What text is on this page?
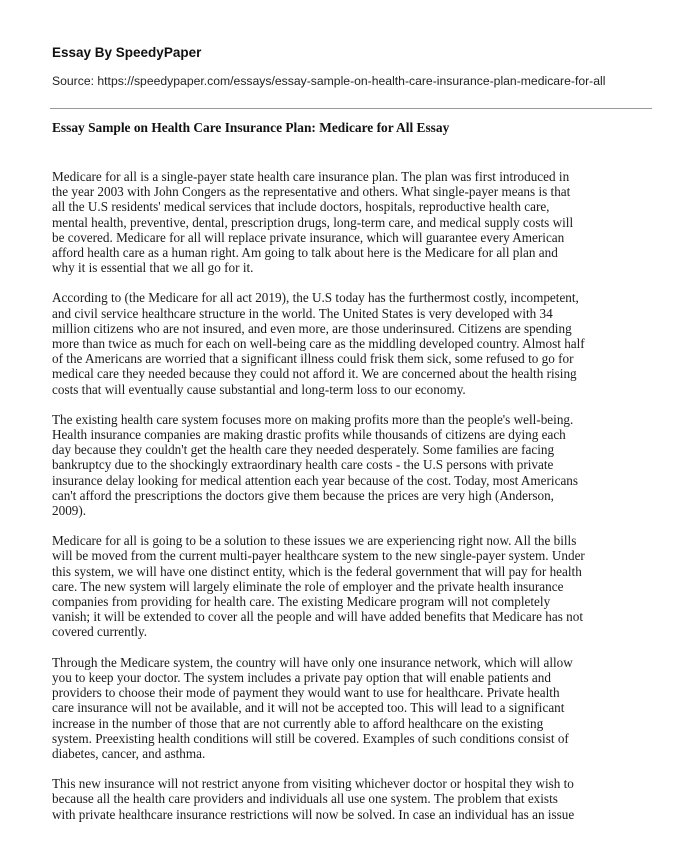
Essay By SpeedyPaper
Source: https://speedypaper.com/essays/essay-sample-on-health-care-insurance-plan-medicare-for-all
Essay Sample on Health Care Insurance Plan: Medicare for All Essay

Medicare for all is a single-payer state health care insurance plan. The plan was first introduced in
the year 2003 with John Congers as the representative and others. What single-payer means is that
all the U.S residents' medical services that include doctors, hospitals, reproductive health care,
mental health, preventive, dental, prescription drugs, long-term care, and medical supply costs will
be covered. Medicare for all will replace private insurance, which will guarantee every American
afford health care as a human right. Am going to talk about here is the Medicare for all plan and
why it is essential that we all go for it.

According to (the Medicare for all act 2019), the U.S today has the furthermost costly, incompetent,
and civil service healthcare structure in the world. The United States is very developed with 34
million citizens who are not insured, and even more, are those underinsured. Citizens are spending
more than twice as much for each on well-being care as the middling developed country. Almost half
of the Americans are worried that a significant illness could frisk them sick, some refused to go for
medical care they needed because they could not afford it. We are concerned about the health rising
costs that will eventually cause substantial and long-term loss to our economy.

The existing health care system focuses more on making profits more than the people's well-being.
Health insurance companies are making drastic profits while thousands of citizens are dying each
day because they couldn't get the health care they needed desperately. Some families are facing
bankruptcy due to the shockingly extraordinary health care costs - the U.S persons with private
insurance delay looking for medical attention each year because of the cost. Today, most Americans
can't afford the prescriptions the doctors give them because the prices are very high (Anderson,
2009).

Medicare for all is going to be a solution to these issues we are experiencing right now. All the bills
will be moved from the current multi-payer healthcare system to the new single-payer system. Under
this system, we will have one distinct entity, which is the federal government that will pay for health
care. The new system will largely eliminate the role of employer and the private health insurance
companies from providing for health care. The existing Medicare program will not completely
vanish; it will be extended to cover all the people and will have added benefits that Medicare has not
covered currently.

Through the Medicare system, the country will have only one insurance network, which will allow
you to keep your doctor. The system includes a private pay option that will enable patients and
providers to choose their mode of payment they would want to use for healthcare. Private health
care insurance will not be available, and it will not be accepted too. This will lead to a significant
increase in the number of those that are not currently able to afford healthcare on the existing
system. Preexisting health conditions will still be covered. Examples of such conditions consist of
diabetes, cancer, and asthma.

This new insurance will not restrict anyone from visiting whichever doctor or hospital they wish to
because all the health care providers and individuals all use one system. The problem that exists
with private healthcare insurance restrictions will now be solved. In case an individual has an issue
